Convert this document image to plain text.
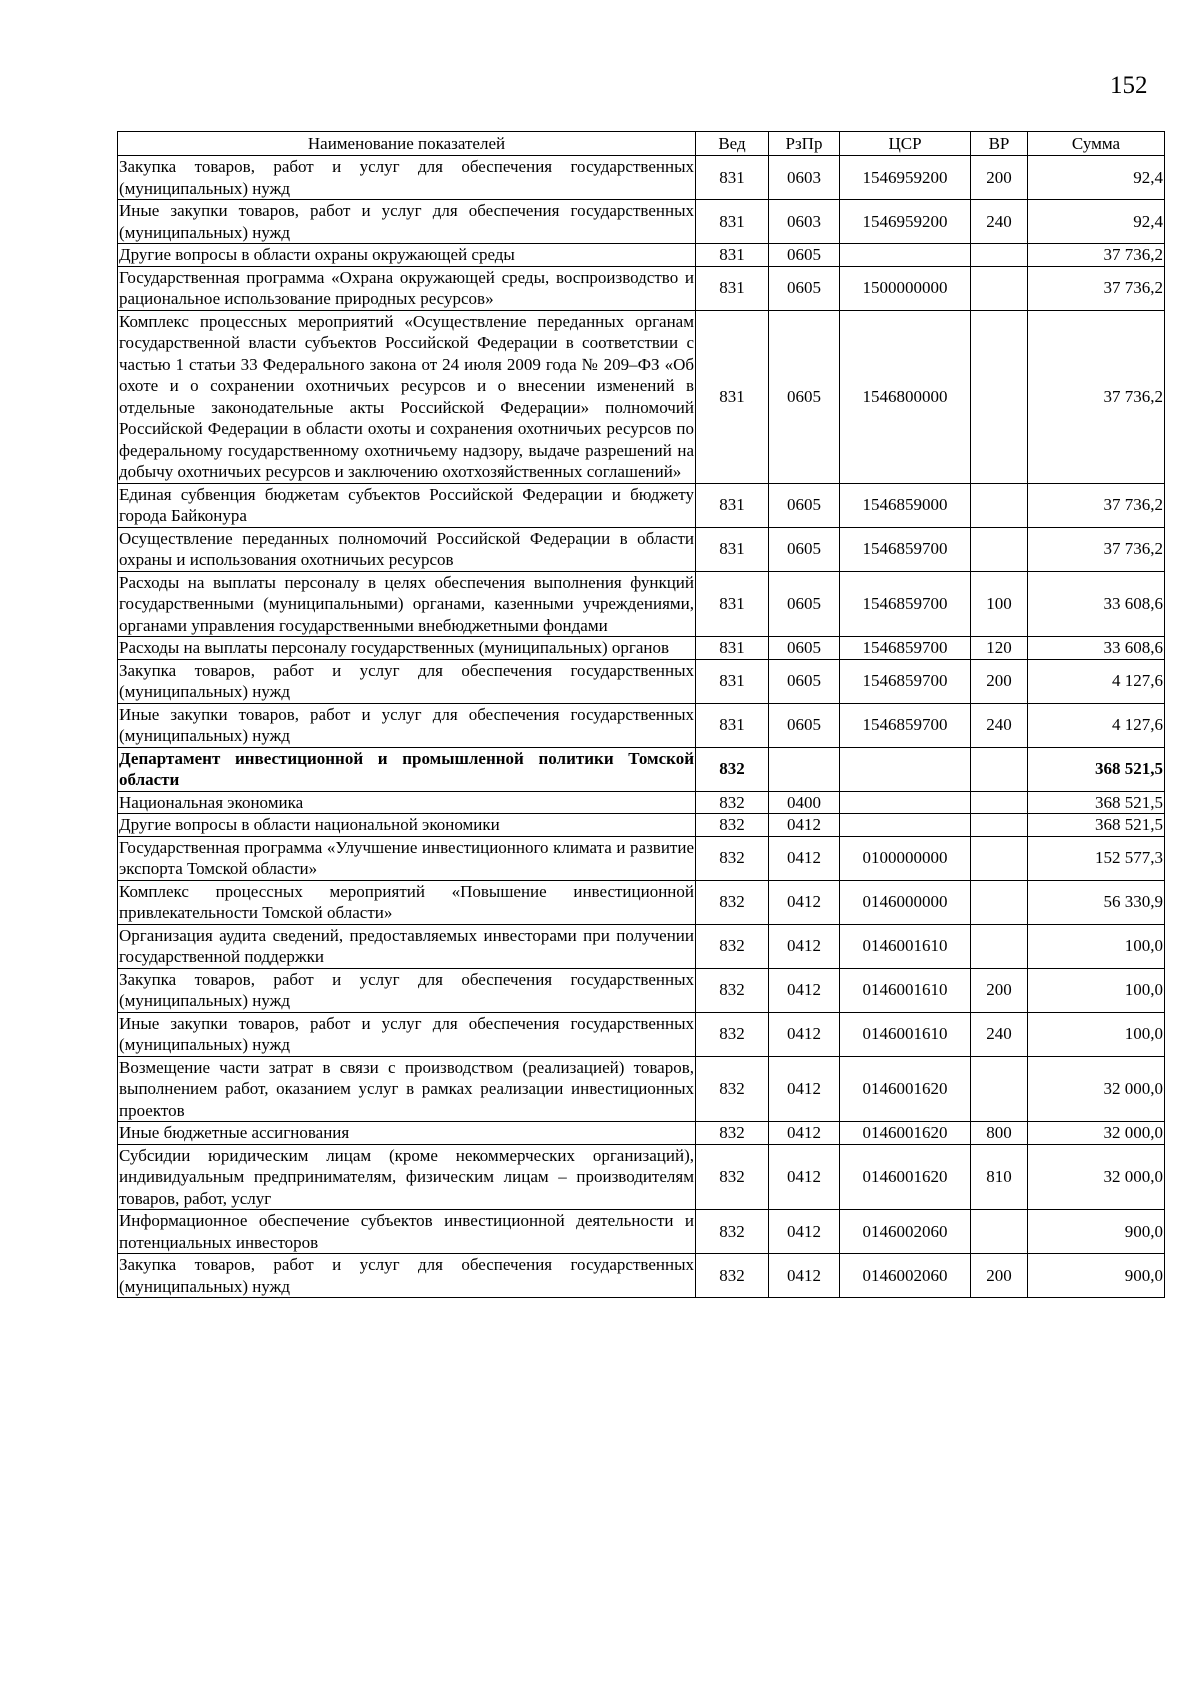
152
Наименование показателей	Вед	РзПр	ЦСР	ВР	Сумма
Закупка товаров, работ и услуг для обеспечения государственных (муниципальных) нужд	831	0603	1546959200	200	92,4
Иные закупки товаров, работ и услуг для обеспечения государственных (муниципальных) нужд	831	0603	1546959200	240	92,4
Другие вопросы в области охраны окружающей среды	831	0605			37 736,2
Государственная программа «Охрана окружающей среды, воспроизводство и рациональное использование природных ресурсов»	831	0605	1500000000		37 736,2
Комплекс процессных мероприятий «Осуществление переданных органам государственной власти субъектов Российской Федерации в соответствии с частью 1 статьи 33 Федерального закона от 24 июля 2009 года № 209–ФЗ «Об охоте и о сохранении охотничьих ресурсов и о внесении изменений в отдельные законодательные акты Российской Федерации» полномочий Российской Федерации в области охоты и сохранения охотничьих ресурсов по федеральному государственному охотничьему надзору, выдаче разрешений на добычу охотничьих ресурсов и заключению охотхозяйственных соглашений»	831	0605	1546800000		37 736,2
Единая субвенция бюджетам субъектов Российской Федерации и бюджету города Байконура	831	0605	1546859000		37 736,2
Осуществление переданных полномочий Российской Федерации в области охраны и использования охотничьих ресурсов	831	0605	1546859700		37 736,2
Расходы на выплаты персоналу в целях обеспечения выполнения функций государственными (муниципальными) органами, казенными учреждениями, органами управления государственными внебюджетными фондами	831	0605	1546859700	100	33 608,6
Расходы на выплаты персоналу государственных (муниципальных) органов	831	0605	1546859700	120	33 608,6
Закупка товаров, работ и услуг для обеспечения государственных (муниципальных) нужд	831	0605	1546859700	200	4 127,6
Иные закупки товаров, работ и услуг для обеспечения государственных (муниципальных) нужд	831	0605	1546859700	240	4 127,6
Департамент инвестиционной и промышленной политики Томской области	832				368 521,5
Национальная экономика	832	0400			368 521,5
Другие вопросы в области национальной экономики	832	0412			368 521,5
Государственная программа «Улучшение инвестиционного климата и развитие экспорта Томской области»	832	0412	0100000000		152 577,3
Комплекс процессных мероприятий «Повышение инвестиционной привлекательности Томской области»	832	0412	0146000000		56 330,9
Организация аудита сведений, предоставляемых инвесторами при получении государственной поддержки	832	0412	0146001610		100,0
Закупка товаров, работ и услуг для обеспечения государственных (муниципальных) нужд	832	0412	0146001610	200	100,0
Иные закупки товаров, работ и услуг для обеспечения государственных (муниципальных) нужд	832	0412	0146001610	240	100,0
Возмещение части затрат в связи с производством (реализацией) товаров, выполнением работ, оказанием услуг в рамках реализации инвестиционных проектов	832	0412	0146001620		32 000,0
Иные бюджетные ассигнования	832	0412	0146001620	800	32 000,0
Субсидии юридическим лицам (кроме некоммерческих организаций), индивидуальным предпринимателям, физическим лицам – производителям товаров, работ, услуг	832	0412	0146001620	810	32 000,0
Информационное обеспечение субъектов инвестиционной деятельности и потенциальных инвесторов	832	0412	0146002060		900,0
Закупка товаров, работ и услуг для обеспечения государственных (муниципальных) нужд	832	0412	0146002060	200	900,0
